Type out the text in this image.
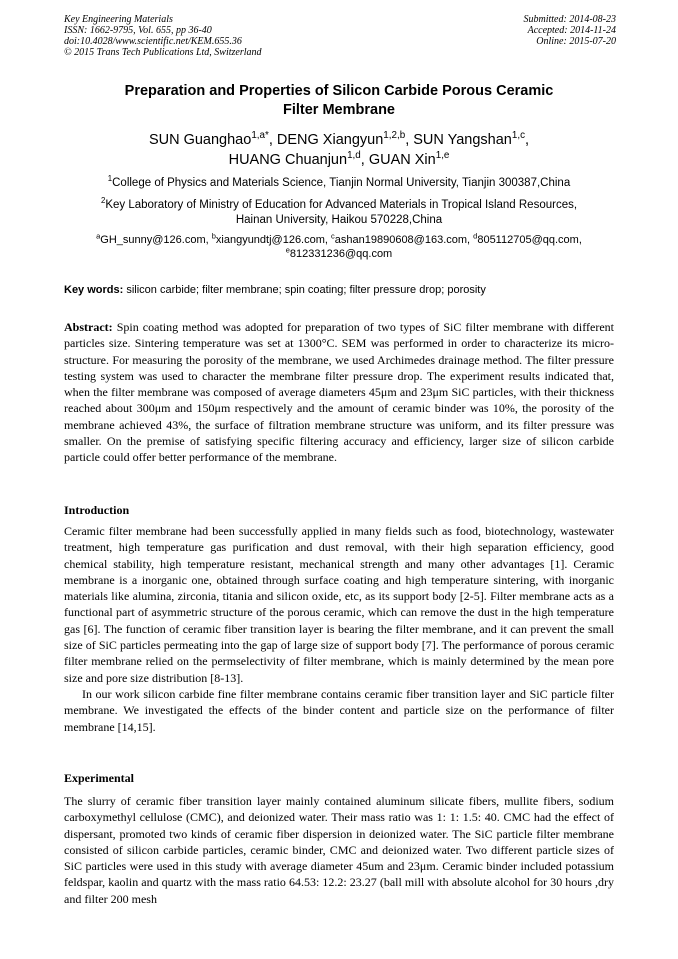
Key Engineering Materials
ISSN: 1662-9795, Vol. 655, pp 36-40
doi:10.4028/www.scientific.net/KEM.655.36
© 2015 Trans Tech Publications Ltd, Switzerland
Submitted: 2014-08-23
Accepted: 2014-11-24
Online: 2015-07-20
Preparation and Properties of Silicon Carbide Porous Ceramic
Filter Membrane
SUN Guanghao$^{1,a*}$, DENG Xiangyun$^{1,2,b}$, SUN Yangshan$^{1,c}$,
HUANG Chuanjun$^{1,d}$, GUAN Xin$^{1,e}$
$^1$College of Physics and Materials Science, Tianjin Normal University, Tianjin 300387,China
$^2$Key Laboratory of Ministry of Education for Advanced Materials in Tropical Island Resources,
Hainan University, Haikou 570228,China
$^a$GH_sunny@126.com, $^b$xiangyundtj@126.com, $^c$ashan19890608@163.com, $^d$805112705@qq.com,
$^e$812331236@qq.com
Key words: silicon carbide; filter membrane; spin coating; filter pressure drop; porosity

Abstract: Spin coating method was adopted for preparation of two types of SiC filter membrane with different particles size. Sintering temperature was set at 1300°C. SEM was performed in order to characterize its micro-structure. For measuring the porosity of the membrane, we used Archimedes drainage method. The filter pressure testing system was used to character the membrane filter pressure drop. The experiment results indicated that, when the filter membrane was composed of average diameters 45μm and 23μm SiC particles, with their thickness reached about 300μm and 150μm respectively and the amount of ceramic binder was 10%, the porosity of the membrane achieved 43%, the surface of filtration membrane structure was uniform, and its filter pressure was smaller. On the premise of satisfying specific filtering accuracy and efficiency, larger size of silicon carbide particle could offer better performance of the membrane.

Introduction

Ceramic filter membrane had been successfully applied in many fields such as food, biotechnology, wastewater treatment, high temperature gas purification and dust removal, with their high separation efficiency, good chemical stability, high temperature resistant, mechanical strength and many other advantages [1]. Ceramic membrane is a inorganic one, obtained through surface coating and high temperature sintering, with inorganic materials like alumina, zirconia, titania and silicon oxide, etc, as its support body [2-5]. Filter membrane acts as a functional part of asymmetric structure of the porous ceramic, which can remove the dust in the high temperature gas [6]. The function of ceramic fiber transition layer is bearing the filter membrane, and it can prevent the small size of SiC particles permeating into the gap of large size of support body [7]. The performance of porous ceramic filter membrane relied on the permselectivity of filter membrane, which is mainly determined by the mean pore size and pore size distribution [8-13].

In our work silicon carbide fine filter membrane contains ceramic fiber transition layer and SiC particle filter membrane. We investigated the effects of the binder content and particle size on the performance of filter membrane [14,15].

Experimental

The slurry of ceramic fiber transition layer mainly contained aluminum silicate fibers, mullite fibers, sodium carboxymethyl cellulose (CMC), and deionized water. Their mass ratio was 1: 1: 1.5: 40. CMC had the effect of dispersant, promoted two kinds of ceramic fiber dispersion in deionized water. The SiC particle filter membrane consisted of silicon carbide particles, ceramic binder, CMC and deionized water. Two different particle sizes of SiC particles were used in this study with average diameter 45um and 23μm. Ceramic binder included potassium feldspar, kaolin and quartz with the mass ratio 64.53: 12.2: 23.27 (ball mill with absolute alcohol for 30 hours ,dry and filter 200 mesh
